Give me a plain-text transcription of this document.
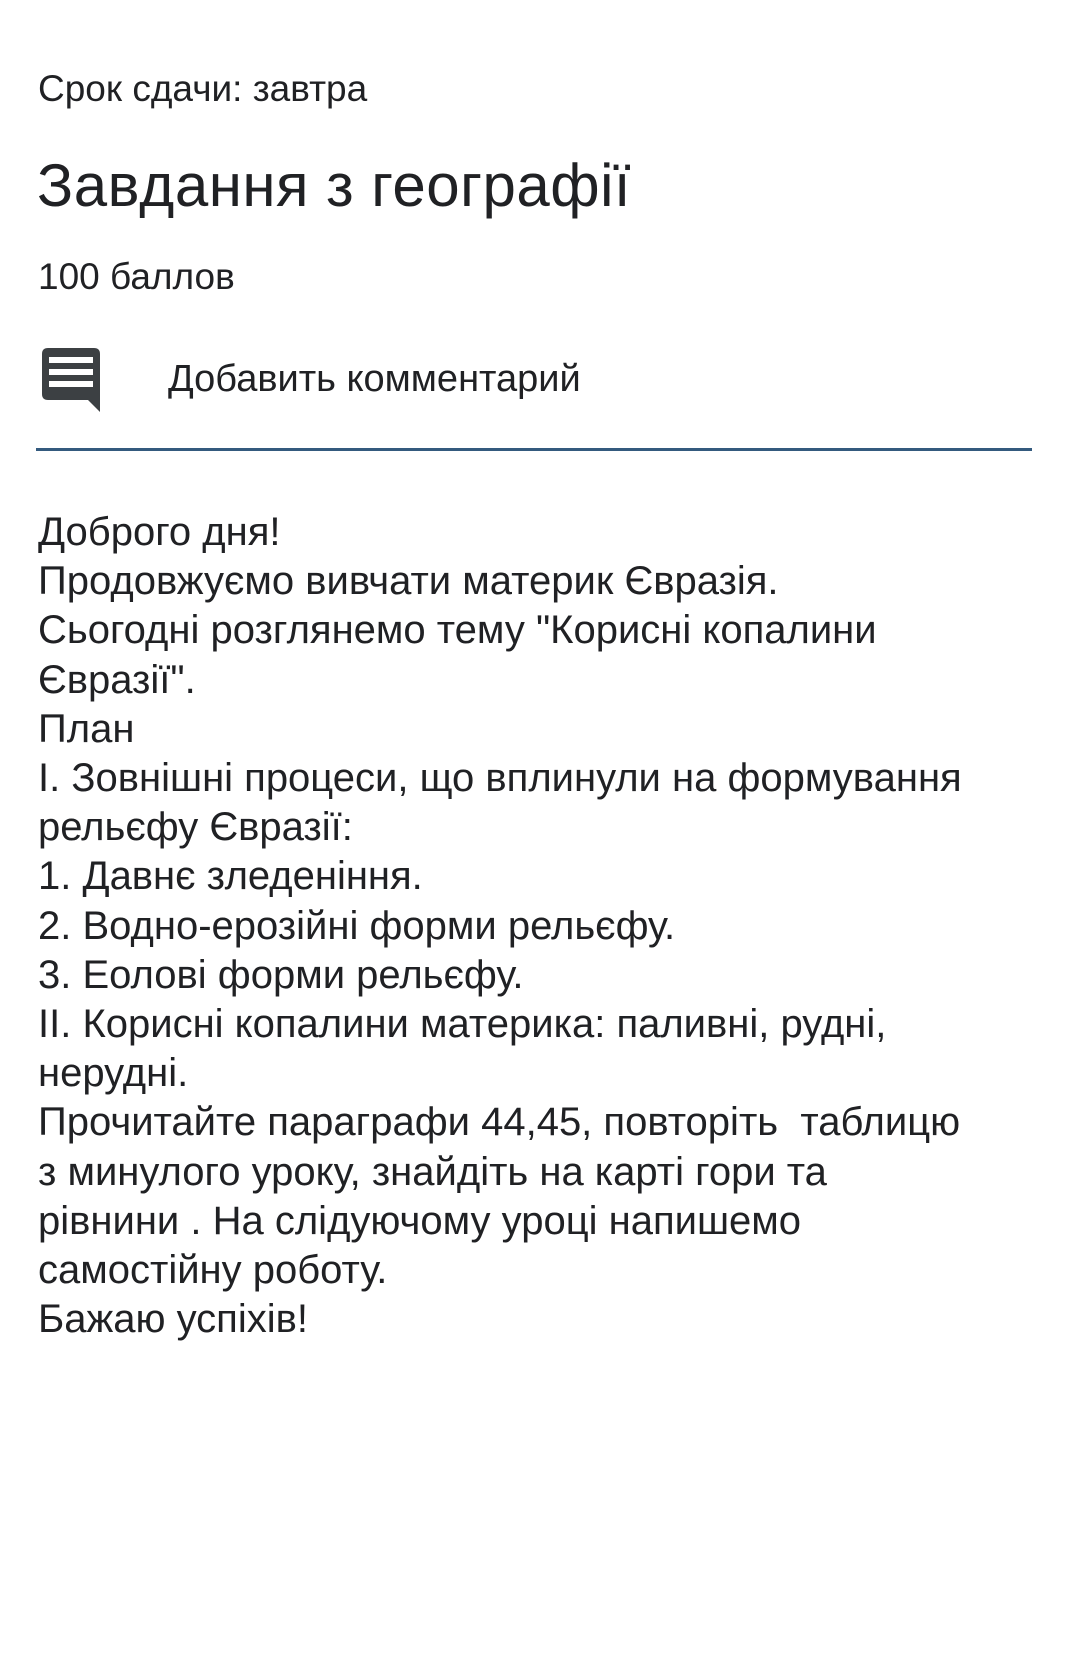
Срок сдачи: завтра
Завдання з географії
100 баллов
Добавить комментарий
Доброго дня!
Продовжуємо вивчати материк Євразія.
Сьогодні розглянемо тему "Корисні копалини
Євразії".
План
І. Зовнішні процеси, що вплинули на формування
рельєфу Євразії:
1. Давнє зледеніння.
2. Водно-ерозійні форми рельєфу.
3. Еолові форми рельєфу.
ІІ. Корисні копалини материка: паливні, рудні,
нерудні.
Прочитайте параграфи 44,45, повторіть  таблицю
з минулого уроку, знайдіть на карті гори та
рівнини . На слідуючому уроці напишемо
самостійну роботу.
Бажаю успіхів!
